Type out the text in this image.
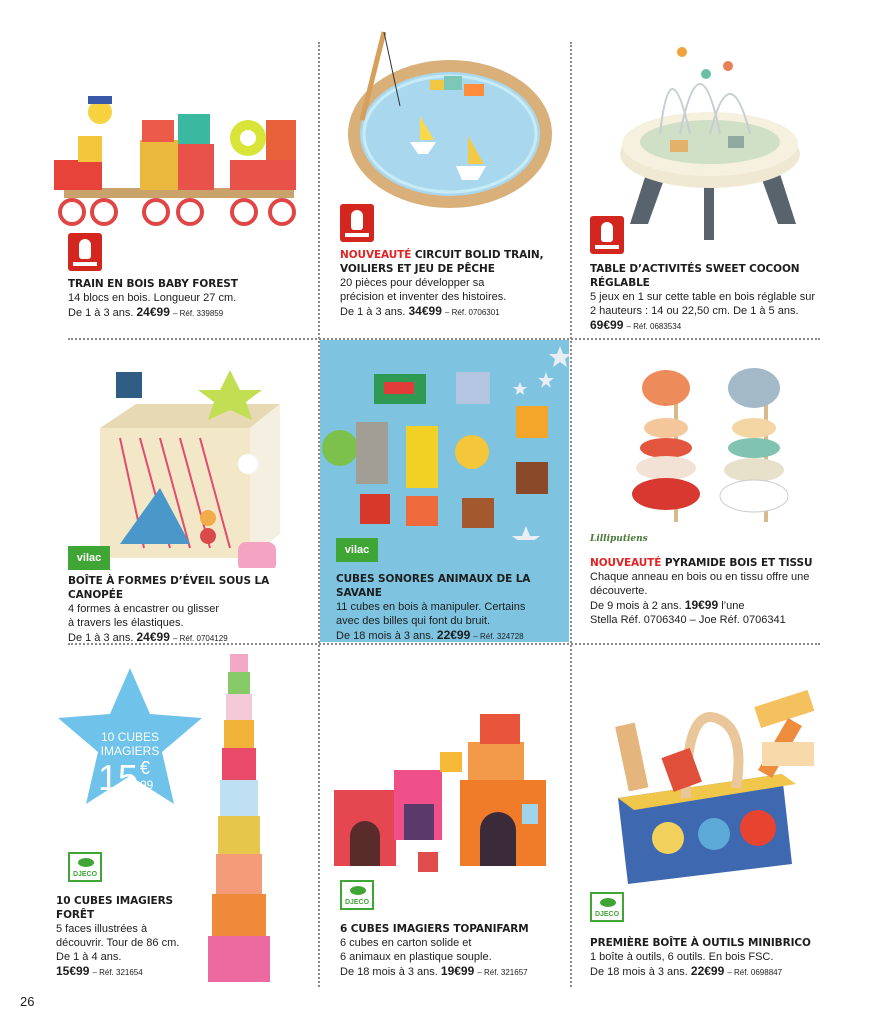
TRAIN EN BOIS BABY FOREST
14 blocs en bois. Longueur 27 cm.
De 1 à 3 ans. 24€99 – Réf. 339859
NOUVEAUTÉ CIRCUIT BOLID TRAIN,
VOILIERS ET JEU DE PÊCHE
20 pièces pour développer sa
précision et inventer des histoires.
De 1 à 3 ans. 34€99 – Réf. 0706301
TABLE D’ACTIVITÉS SWEET COCOON RÉGLABLE
5 jeux en 1 sur cette table en bois réglable sur
2 hauteurs : 14 ou 22,50 cm. De 1 à 5 ans.
69€99 – Réf. 0683534
vilac
BOÎTE À FORMES D’ÉVEIL SOUS LA CANOPÉE
4 formes à encastrer ou glisser
à travers les élastiques.
De 1 à 3 ans. 24€99 – Réf. 0704129
vilac
CUBES SONORES ANIMAUX DE LA SAVANE
11 cubes en bois à manipuler. Certains
avec des billes qui font du bruit.
De 18 mois à 3 ans. 22€99 – Réf. 324728
Lilliputiens
NOUVEAUTÉ PYRAMIDE BOIS ET TISSU
Chaque anneau en bois ou en tissu offre une
découverte.
De 9 mois à 2 ans. 19€99 l’une
Stella Réf. 0706340 – Joe Réf. 0706341
10 CUBES
IMAGIERS
15 €
99
DJECO
10 CUBES IMAGIERS
FORÊT
5 faces illustrées à
découvrir. Tour de 86 cm.
De 1 à 4 ans.
15€99 – Réf. 321654
DJECO
6 CUBES IMAGIERS TOPANIFARM
6 cubes en carton solide et
6 animaux en plastique souple.
De 18 mois à 3 ans. 19€99 – Réf. 321657
DJECO
PREMIÈRE BOÎTE À OUTILS MINIBRICO
1 boîte à outils, 6 outils. En bois FSC.
De 18 mois à 3 ans. 22€99 – Réf. 0698847
26
